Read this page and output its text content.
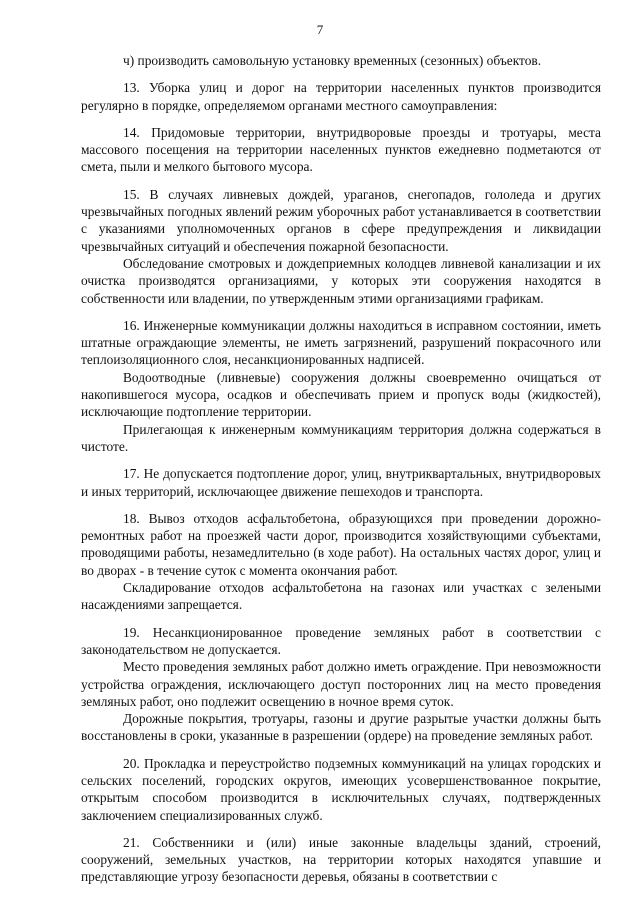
7

ч) производить самовольную установку временных (сезонных) объектов.

13. Уборка улиц и дорог на территории населенных пунктов производится регулярно в порядке, определяемом органами местного самоуправления:

14. Придомовые территории, внутридворовые проезды и тротуары, места массового посещения на территории населенных пунктов ежедневно подметаются от смета, пыли и мелкого бытового мусора.

15. В случаях ливневых дождей, ураганов, снегопадов, гололеда и других чрезвычайных погодных явлений режим уборочных работ устанавливается в соответствии с указаниями уполномоченных органов в сфере предупреждения и ликвидации чрезвычайных ситуаций и обеспечения пожарной безопасности.

Обследование смотровых и дождеприемных колодцев ливневой канализации и их очистка производятся организациями, у которых эти сооружения находятся в собственности или владении, по утвержденным этими организациями графикам.

16. Инженерные коммуникации должны находиться в исправном состоянии, иметь штатные ограждающие элементы, не иметь загрязнений, разрушений покрасочного или теплоизоляционного слоя, несанкционированных надписей.

Водоотводные (ливневые) сооружения должны своевременно очищаться от накопившегося мусора, осадков и обеспечивать прием и пропуск воды (жидкостей), исключающие подтопление территории.

Прилегающая к инженерным коммуникациям территория должна содержаться в чистоте.

17. Не допускается подтопление дорог, улиц, внутриквартальных, внутридворовых и иных территорий, исключающее движение пешеходов и транспорта.

18. Вывоз отходов асфальтобетона, образующихся при проведении дорожно-ремонтных работ на проезжей части дорог, производится хозяйствующими субъектами, проводящими работы, незамедлительно (в ходе работ). На остальных частях дорог, улиц и во дворах - в течение суток с момента окончания работ.

Складирование отходов асфальтобетона на газонах или участках с зелеными насаждениями запрещается.

19. Несанкционированное проведение земляных работ в соответствии с законодательством не допускается.

Место проведения земляных работ должно иметь ограждение. При невозможности устройства ограждения, исключающего доступ посторонних лиц на место проведения земляных работ, оно подлежит освещению в ночное время суток.

Дорожные покрытия, тротуары, газоны и другие разрытые участки должны быть восстановлены в сроки, указанные в разрешении (ордере) на проведение земляных работ.

20. Прокладка и переустройство подземных коммуникаций на улицах городских и сельских поселений, городских округов, имеющих усовершенствованное покрытие, открытым способом производится в исключительных случаях, подтвержденных заключением специализированных служб.

21. Собственники и (или) иные законные владельцы зданий, строений, сооружений, земельных участков, на территории которых находятся упавшие и представляющие угрозу безопасности деревья, обязаны в соответствии с
